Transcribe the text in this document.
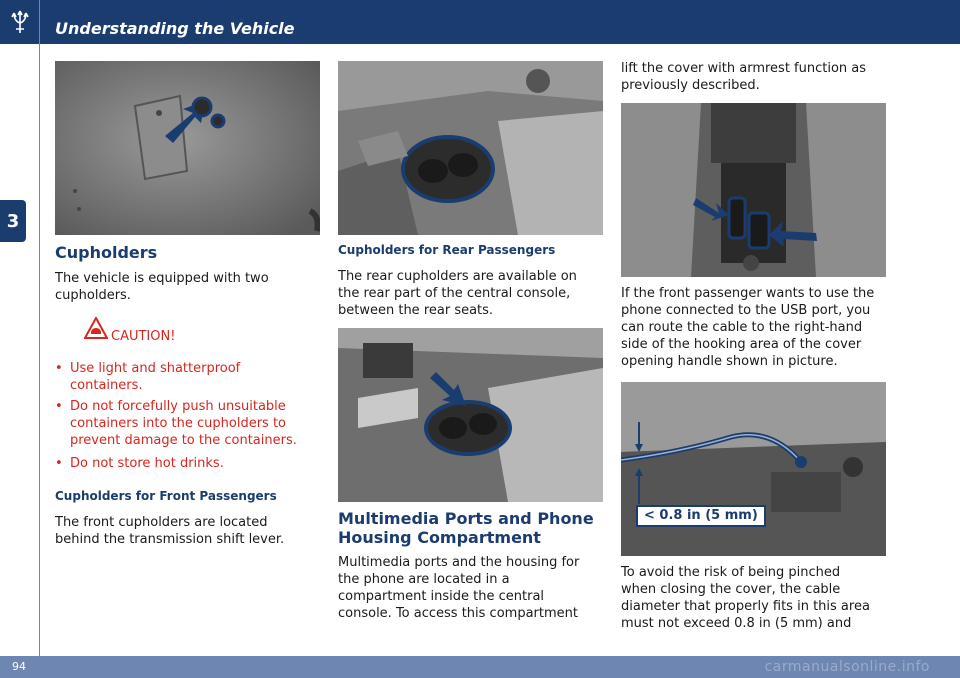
Understanding the Vehicle
3
< 0.8 in (5 mm)
Cupholders
The vehicle is equipped with two
cupholders.
CAUTION!
• Use light and shatterproof
containers.
• Do not forcefully push unsuitable
containers into the cupholders to
prevent damage to the containers.
• Do not store hot drinks.
Cupholders for Front Passengers
The front cupholders are located
behind the transmission shift lever.
Cupholders for Rear Passengers
The rear cupholders are available on
the rear part of the central console,
between the rear seats.
Multimedia Ports and Phone
Housing Compartment
Multimedia ports and the housing for
the phone are located in a
compartment inside the central
console. To access this compartment
lift the cover with armrest function as
previously described.
If the front passenger wants to use the
phone connected to the USB port, you
can route the cable to the right-hand
side of the hooking area of the cover
opening handle shown in picture.
To avoid the risk of being pinched
when closing the cover, the cable
diameter that properly fits in this area
must not exceed 0.8 in (5 mm) and
94	carmanualsonline.info
